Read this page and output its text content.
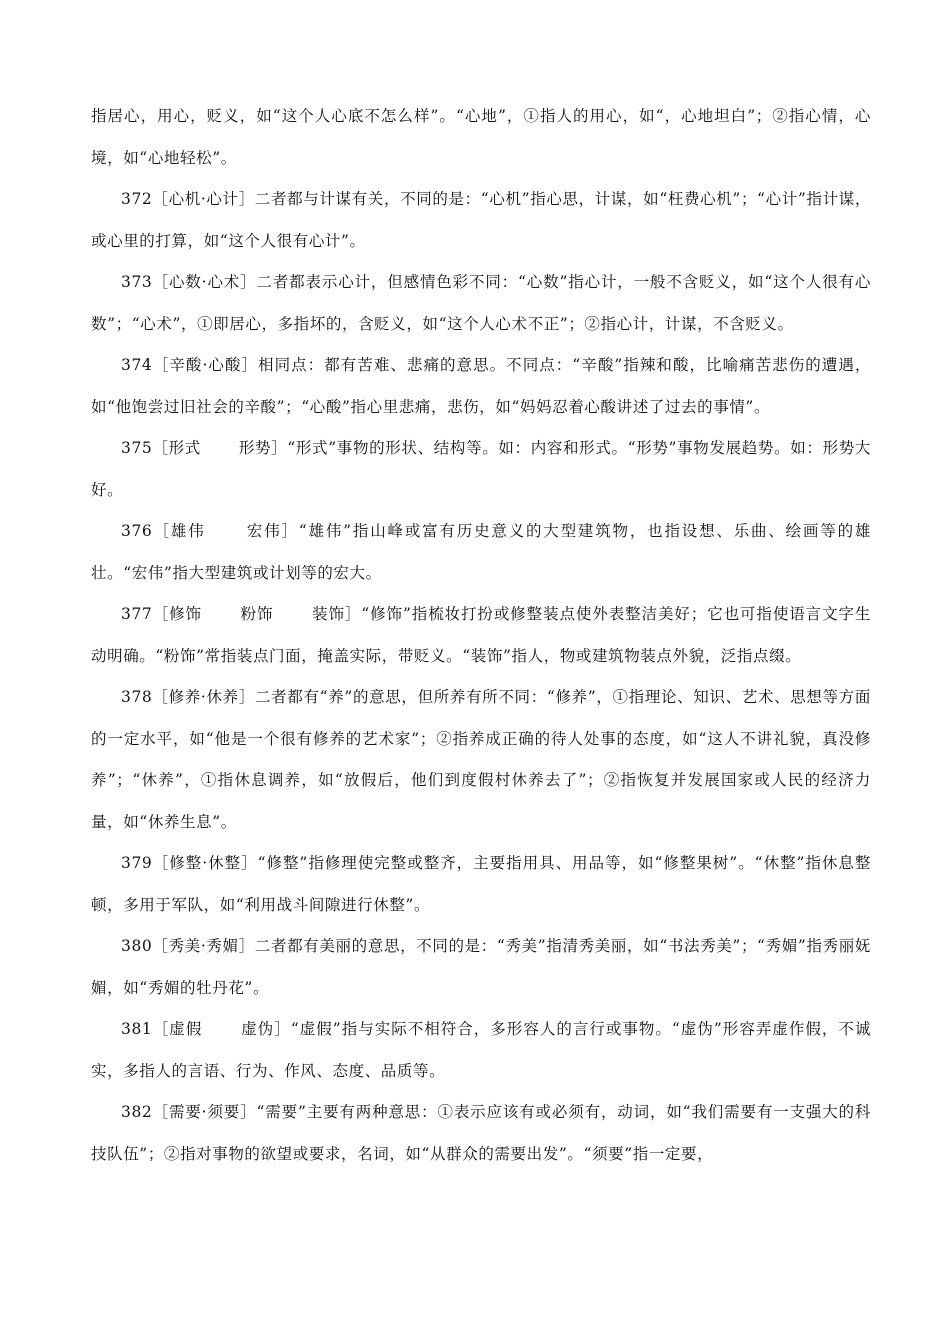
指居心，用心，贬义，如“这个人心底不怎么样”。“心地”，①指人的用心，如“，心地坦白”；②指心情，心境，如“心地轻松”。

372［心机·心计］二者都与计谋有关，不同的是：“心机”指心思，计谋，如“枉费心机”；“心计”指计谋，或心里的打算，如“这个人很有心计”。

373［心数·心术］二者都表示心计，但感情色彩不同：“心数”指心计，一般不含贬义，如“这个人很有心数”；“心术”，①即居心，多指坏的，含贬义，如“这个人心术不正”；②指心计，计谋，不含贬义。

374［辛酸·心酸］相同点：都有苦难、悲痛的意思。不同点：“辛酸”指辣和酸，比喻痛苦悲伤的遭遇，如“他饱尝过旧社会的辛酸”；“心酸”指心里悲痛，悲伤，如“妈妈忍着心酸讲述了过去的事情”。

375［形式　　 形势］“形式”事物的形状、结构等。如：内容和形式。“形势”事物发展趋势。如：形势大好。

376［雄伟　　 宏伟］“雄伟”指山峰或富有历史意义的大型建筑物，也指设想、乐曲、绘画等的雄壮。“宏伟”指大型建筑或计划等的宏大。

377［修饰　　 粉饰　　 装饰］“修饰”指梳妆打扮或修整装点使外表整洁美好；它也可指使语言文字生动明确。“粉饰”常指装点门面，掩盖实际，带贬义。“装饰”指人，物或建筑物装点外貌，泛指点缀。

378［修养·休养］二者都有“养”的意思，但所养有所不同：“修养”，①指理论、知识、艺术、思想等方面的一定水平，如“他是一个很有修养的艺术家”；②指养成正确的待人处事的态度，如“这人不讲礼貌，真没修养”；“休养”，①指休息调养，如“放假后，他们到度假村休养去了”；②指恢复并发展国家或人民的经济力量，如“休养生息”。

379［修整·休整］“修整”指修理使完整或整齐，主要指用具、用品等，如“修整果树”。“休整”指休息整顿，多用于军队，如“利用战斗间隙进行休整”。

380［秀美·秀媚］二者都有美丽的意思，不同的是：“秀美”指清秀美丽，如“书法秀美”；“秀媚”指秀丽妩媚，如“秀媚的牡丹花”。

381［虚假　　 虚伪］“虚假”指与实际不相符合，多形容人的言行或事物。“虚伪”形容弄虚作假，不诚实，多指人的言语、行为、作风、态度、品质等。

382［需要·须要］“需要”主要有两种意思：①表示应该有或必须有，动词，如“我们需要有一支强大的科技队伍”；②指对事物的欲望或要求，名词，如“从群众的需要出发”。“须要”指一定要，
